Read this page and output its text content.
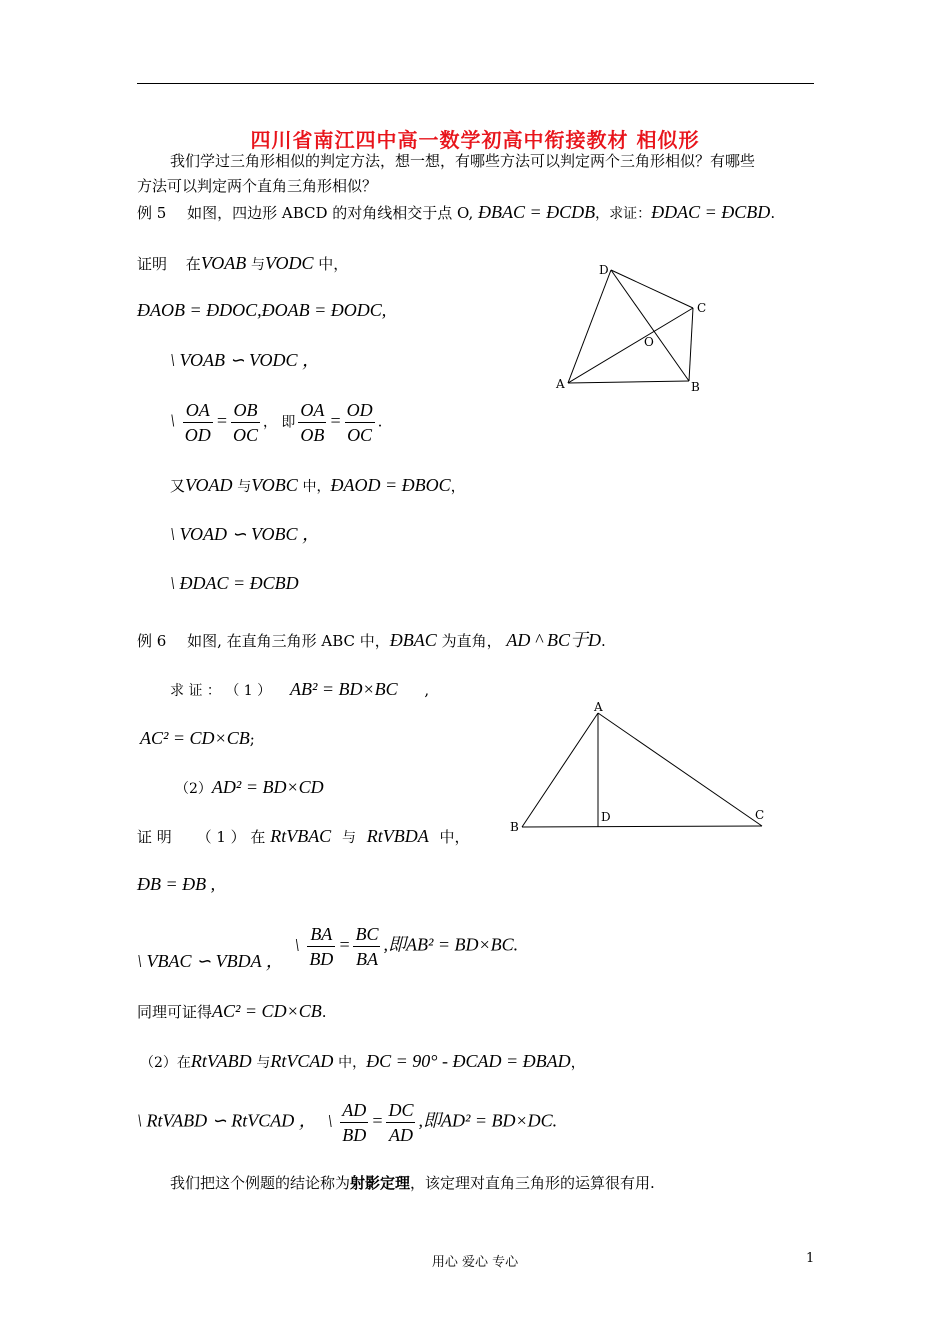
四川省南江四中高一数学初高中衔接教材 相似形
我们学过三角形相似的判定方法，想一想，有哪些方法可以判定两个三角形相似？有哪些
方法可以判定两个直角三角形相似？
例 5 如图，四边形 ABCD 的对角线相交于点 O, ÐBAC = ÐCDB，求证：ÐDAC = ÐCBD.
证明 在VOAB 与VODC 中，
ÐAOB = ÐDOC,ÐOAB = ÐODC,
\ VOAB ∽ VODC ，
\ $\frac{OA}{OD} = \frac{OB}{OC}$ ， 即 $\frac{OA}{OB} = \frac{OD}{OC}$ .
又VOAD 与VOBC 中，ÐAOD = ÐBOC，
\ VOAD ∽ VOBC ，
\ ÐDAC = ÐCBD
D
C
O
A	B
例 6 如图, 在直角三角形 ABC 中，ÐBAC 为直角， AD ^ BC于D.
求 证 ： （ 1 ） AB² = BD×BC ,
AC² = CD×CB;
（2）AD² = BD×CD
证 明 （ 1 ） 在 RtVBAC 与 RtVBDA 中，
ÐB = ÐB ,
\ VBAC ∽ VBDA ， \ $\frac{BA}{BD} = \frac{BC}{BA}$ ,即AB² = BD×BC.
同理可证得AC² = CD×CB.
（2）在RtVABD 与RtVCAD 中，ÐC = 90° - ÐCAD = ÐBAD，
\ RtVABD ∽ RtVCAD ， \ $\frac{AD}{BD} = \frac{DC}{AD}$ ,即AD² = BD×DC.
我们把这个例题的结论称为射影定理，该定理对直角三角形的运算很有用.
A
B
D	C
用心 爱心 专心	1
